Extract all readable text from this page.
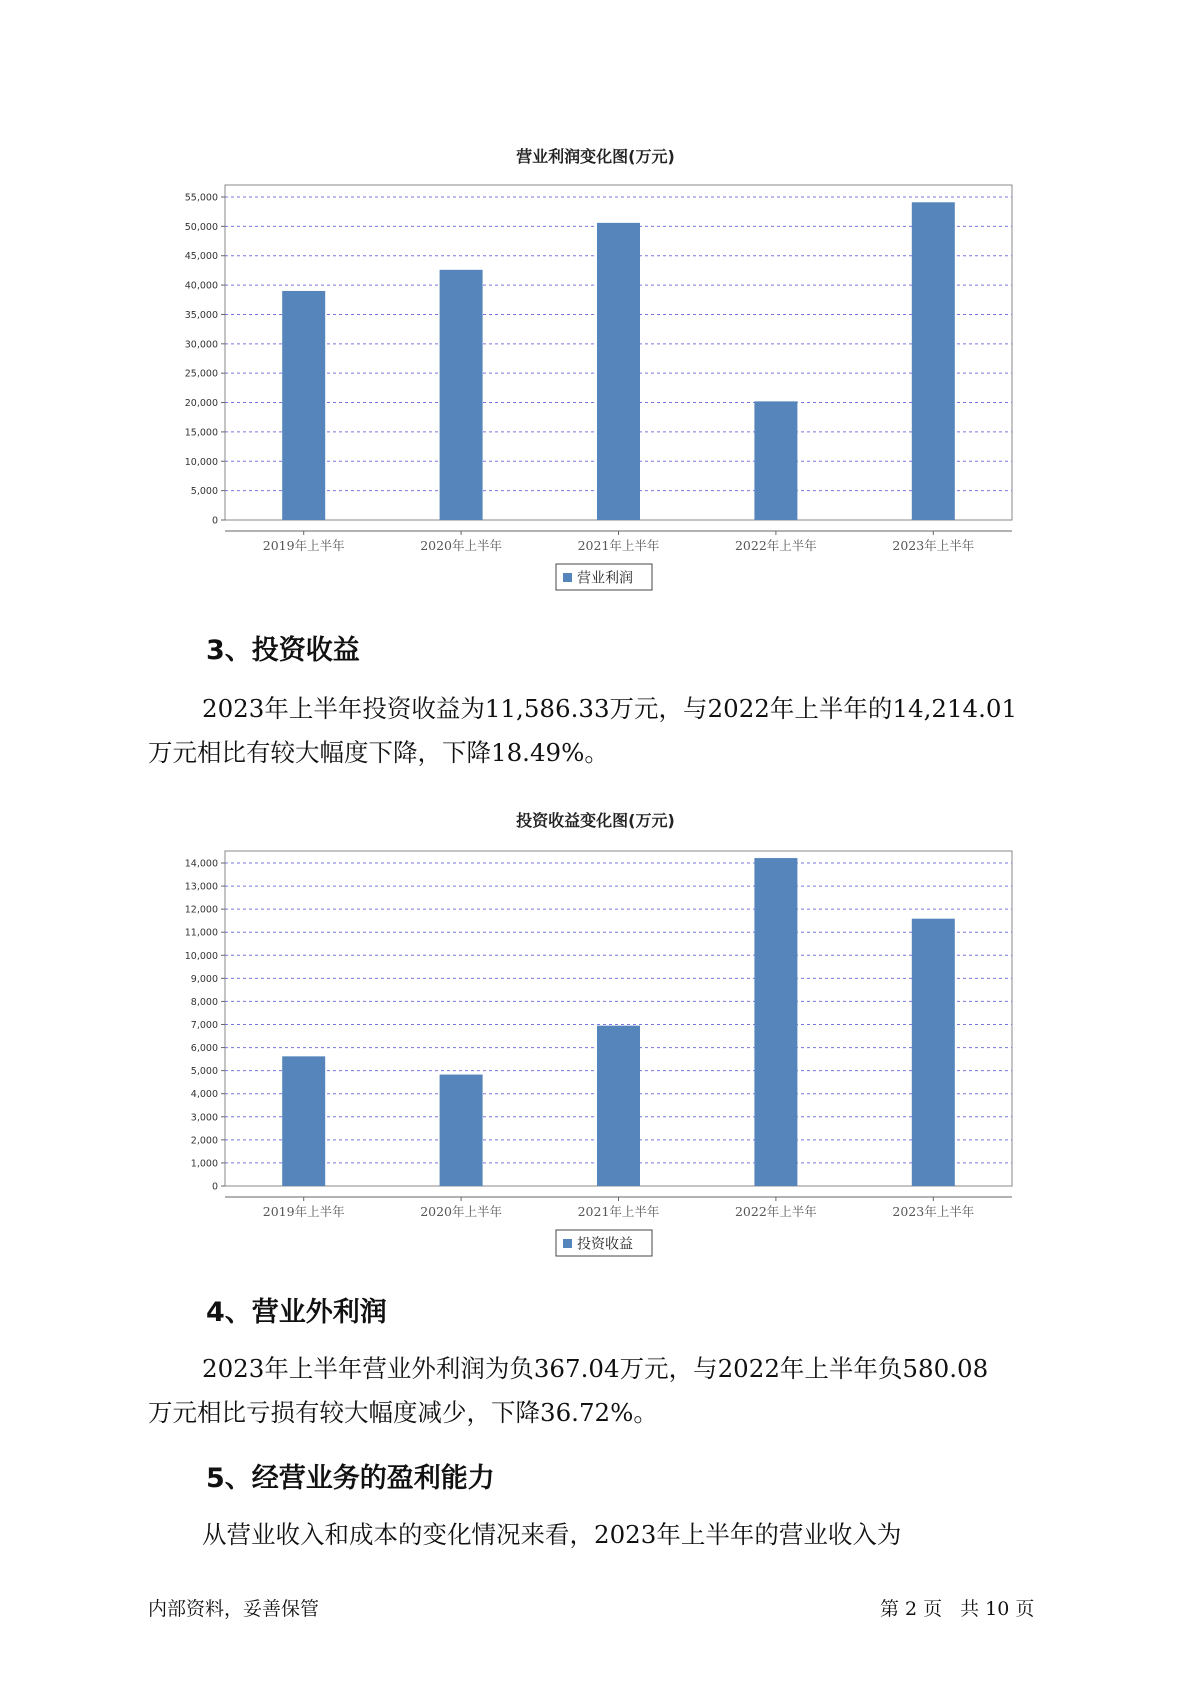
营业利润变化图(万元)
0
5,000
10,000
15,000
20,000
25,000
30,000
35,000
40,000
45,000
50,000
55,000
2019年上半年	2020年上半年	2021年上半年	2022年上半年	2023年上半年
营业利润
3、投资收益
2023年上半年投资收益为11,586.33万元，与2022年上半年的14,214.01
万元相比有较大幅度下降，下降18.49%。
投资收益变化图(万元)
0
1,000
2,000
3,000
4,000
5,000
6,000
7,000
8,000
9,000
10,000
11,000
12,000
13,000
14,000
2019年上半年	2020年上半年	2021年上半年	2022年上半年	2023年上半年
投资收益
4、营业外利润
2023年上半年营业外利润为负367.04万元，与2022年上半年负580.08
万元相比亏损有较大幅度减少，下降36.72%。
5、经营业务的盈利能力
从营业收入和成本的变化情况来看，2023年上半年的营业收入为
内部资料，妥善保管	第 2 页 共 10 页
